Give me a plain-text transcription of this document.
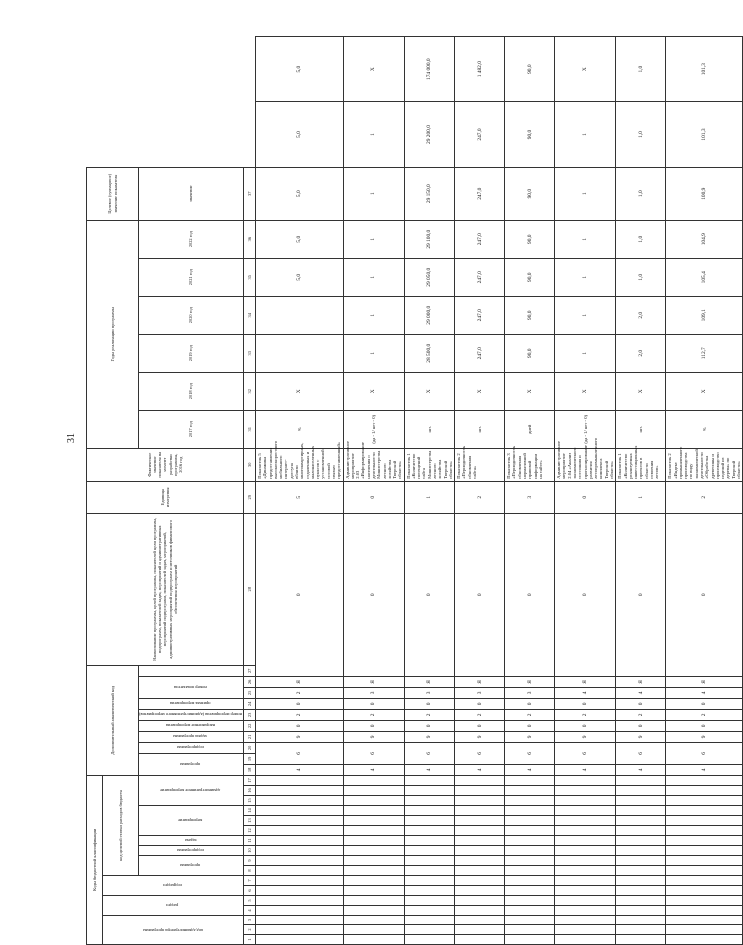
31
Коды бюджетной классификации																	Дополнительный аналитический код										Наименование программы, целей программы, показателей цели программы, подпрограмм, показателей задач, мероприятий и административных мероприятий подпрограмм, показателей задач, мероприятий, административных мероприятий подпрограмм и источников финансового обеспечения мероприятий	Единица измерения	Фактическое значение показателя на момент разработки программы, 2016 год	Годы реализации программы						Целевое (суммарное) значение показателя		
код администратора программы			раздел		подраздел		код целевой статьи расходов бюджета																															
							программа		подпрограмма	задача	мероприятие			административное мероприятие			программа		подпрограмма	задача программы	направление мероприятия	номер мероприятия (административного мероприятия)	признак мероприятия	номер показателя						2017 год	2018 год	2019 год	2020 год	2021 год	2022 год	значение		
1	2	3	4	5	6	7	8	9	10	11	12	13	14	15	16	17	18	19	20	21	22	23	24	25	26	27	28	29	30	31	32	33	34	35	36	37		
																	4	6		9	0	2	0	2	Я	0		5	Показатель 5 «Динамика предоставления высокоскоростного мобильного интернет-доступа вблизи многоквартирных, отдаленных и малонаселенных пунктов с установленной сотовой связью предоставленный»	%	X			5,0	5,0	5,0	5,0	5,0
																	4	6		9	0	2	0	3	Я	0		0	Административное мероприятие 2.03 «Информирование населения о деятельности Министерства лесного хозяйства Тверской области»	(да - 1/ нет - 0)	X	1	1	1	1	1	1	X
																	4	6		9	0	2	0	3	Я	0		1	Показатель 1 «Количество посещений сайта Министерства лесного хозяйства Тверской области»	шт.	X	28 500,0	29 000,0	29 050,0	29 100,0	29 150,0	29 200,0	174 000,0
																	4	6		9	0	2	0	3	Я	0		2	Показатель 2 «Периодичность обновления сайта»	шт.	X	247,0	247,0	247,0	247,0	247,0	247,0	1 482,0
																	4	6		9	0	2	0	3	Я	0		3	Показатель 3 «Периодичность обновления нормативной правовой информации на сайте»	дней	X	90,0	90,0	90,0	90,0	90,0	90,0	90,0
																	4	6		9	0	2	0	4	Я	0		0	Административное мероприятие 2.04 «Анализ экономического состояния и прогнозирование развития лесопромышленного комплекса Тверской области»	(да - 1/ нет - 0)	X	1	1	1	1	1	1	X
																	4	6		9	0	2	0	4	Я	0		1	Показатель 1 «Количество реализуемых инвестиционных проектов в области освоения лесов»	шт.	X	2,0	2,0	1,0	1,0	1,0	1,0	1,0
																	4	6		9	0	2	0	4	Я	0		2	Показатель 2 «Индекс промышленного производства по виду экономической деятельности «Обработка древесины и производство изделий из дерева» по Тверской области»	%	X	112,7	109,1	105,4	104,9	100,9	101,3	101,3
